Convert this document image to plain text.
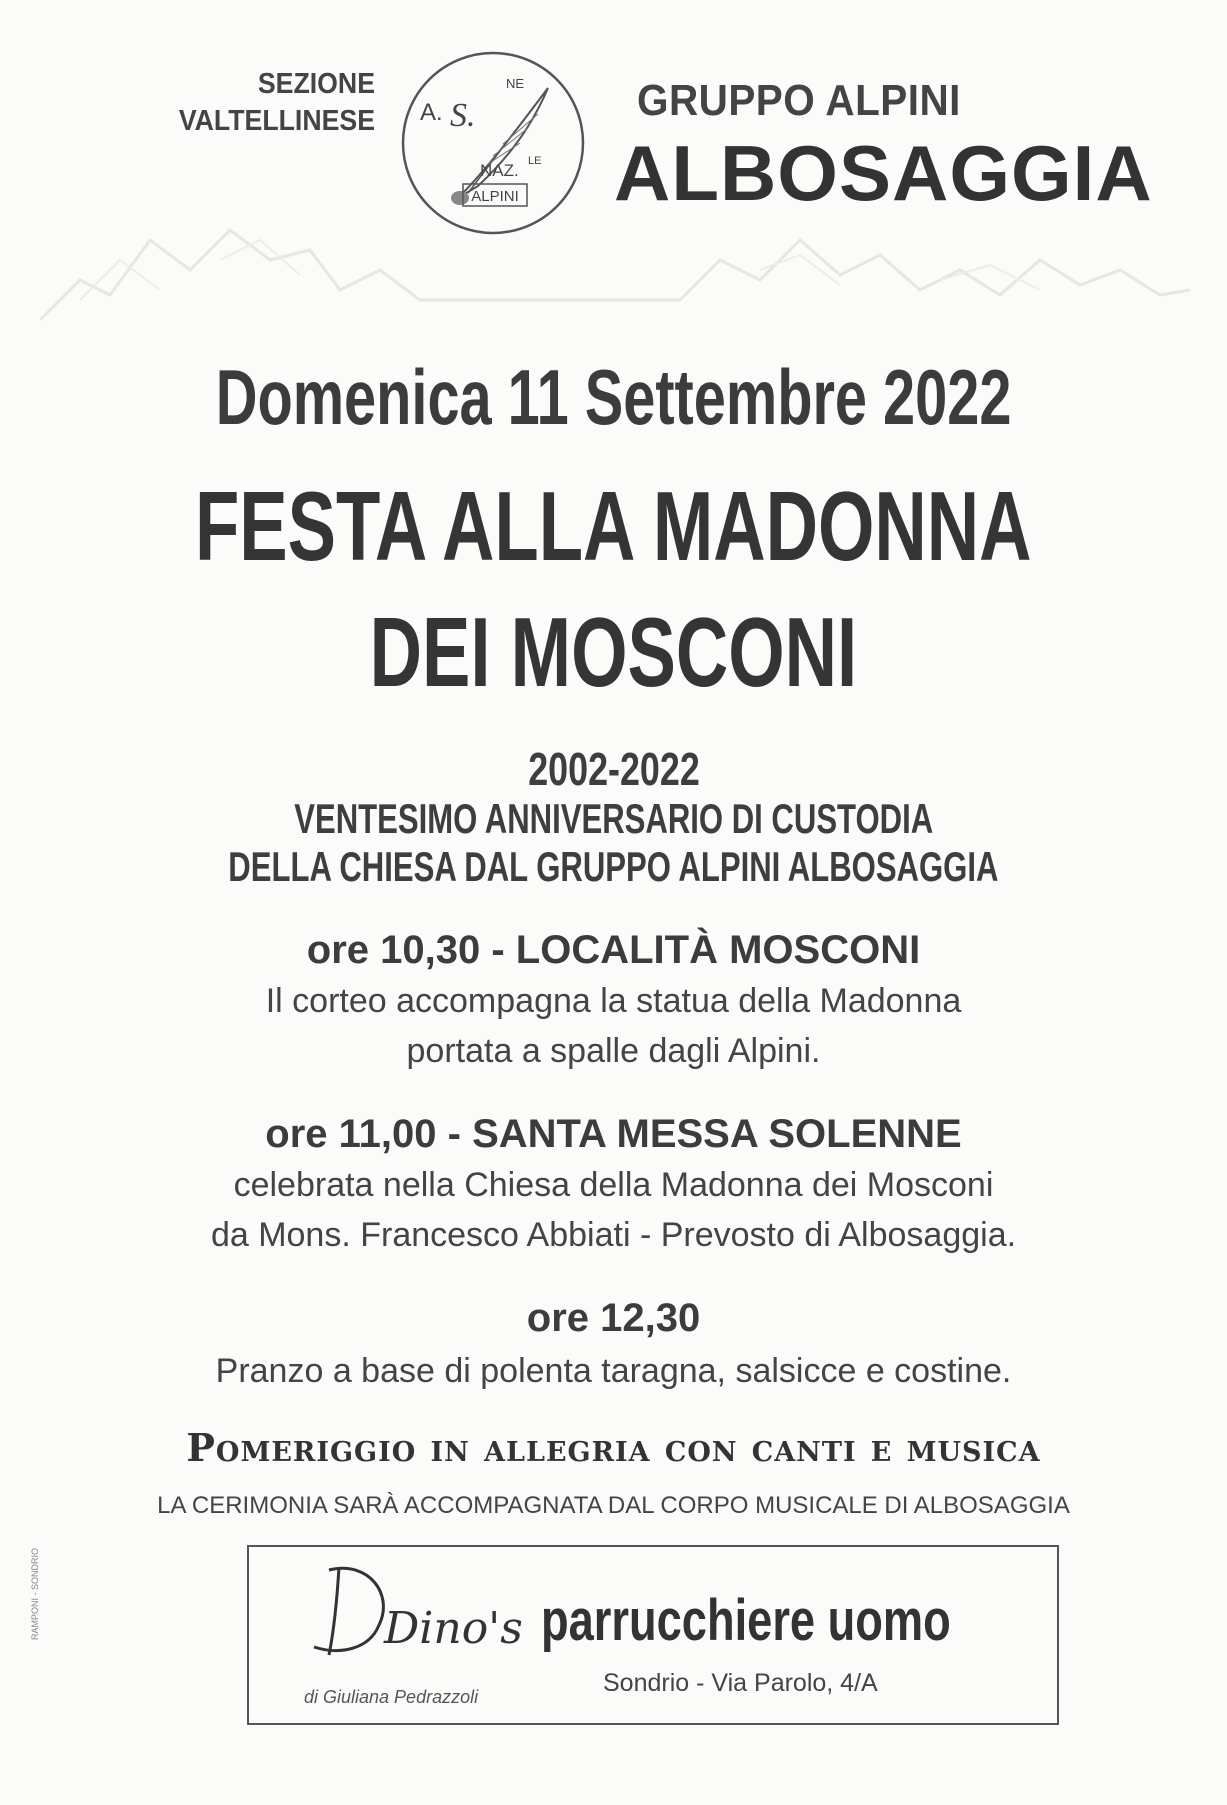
SEZIONE
VALTELLINESE A. S.
NE
NAZ. LE
ALPINI
GRUPPO ALPINI
ALBOSAGGIA
Domenica 11 Settembre 2022
FESTA ALLA MADONNA
DEI MOSCONI
2002-2022
VENTESIMO ANNIVERSARIO DI CUSTODIA
DELLA CHIESA DAL GRUPPO ALPINI ALBOSAGGIA
ore 10,30 - LOCALITÀ MOSCONI
Il corteo accompagna la statua della Madonna
portata a spalle dagli Alpini.
ore 11,00 - SANTA MESSA SOLENNE
celebrata nella Chiesa della Madonna dei Mosconi
da Mons. Francesco Abbiati - Prevosto di Albosaggia.
ore 12,30
Pranzo a base di polenta taragna, salsicce e costine.
Pomeriggio in allegria con canti e musica
LA CERIMONIA SARÀ ACCOMPAGNATA DAL CORPO MUSICALE DI ALBOSAGGIA
Dino's
di Giuliana Pedrazzoli
parrucchiere uomo
Sondrio - Via Parolo, 4/A
RAMPONI - SONDRIO
